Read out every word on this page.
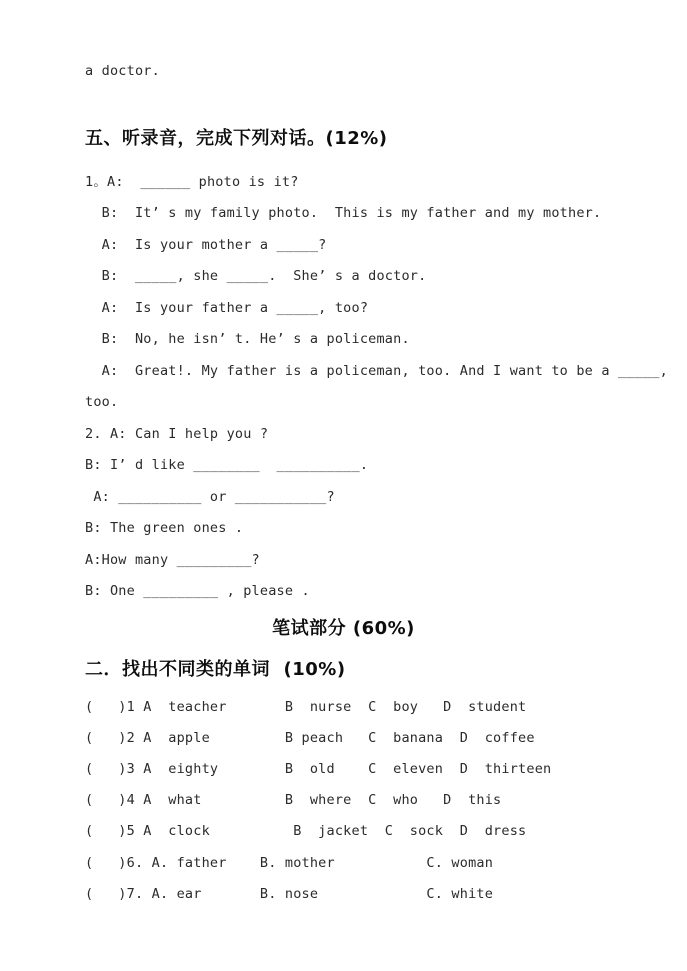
a doctor.
五、听录音，完成下列对话。(12%)
1。A:  ______ photo is it?
B:  It’ s my family photo.  This is my father and my mother.
A:  Is your mother a _____?
B:  _____, she _____.  She’ s a doctor.
A:  Is your father a _____, too?
B:  No, he isn’ t. He’ s a policeman.
A:  Great!. My father is a policeman, too. And I want to be a _____,
too.
2. A: Can I help you ?
B: I’ d like ________  __________.
A: __________ or ___________?
B: The green ones .
A:How many _________?
B: One _________ , please .
笔试部分 (60%)
二．找出不同类的单词  (10%)
(   )1 A  teacher       B  nurse  C  boy   D  student
(   )2 A  apple         B peach   C  banana  D  coffee
(   )3 A  eighty        B  old    C  eleven  D  thirteen
(   )4 A  what          B  where  C  who   D  this
(   )5 A  clock          B  jacket  C  sock  D  dress
(   )6. A. father    B. mother           C. woman
(   )7. A. ear       B. nose             C. white
